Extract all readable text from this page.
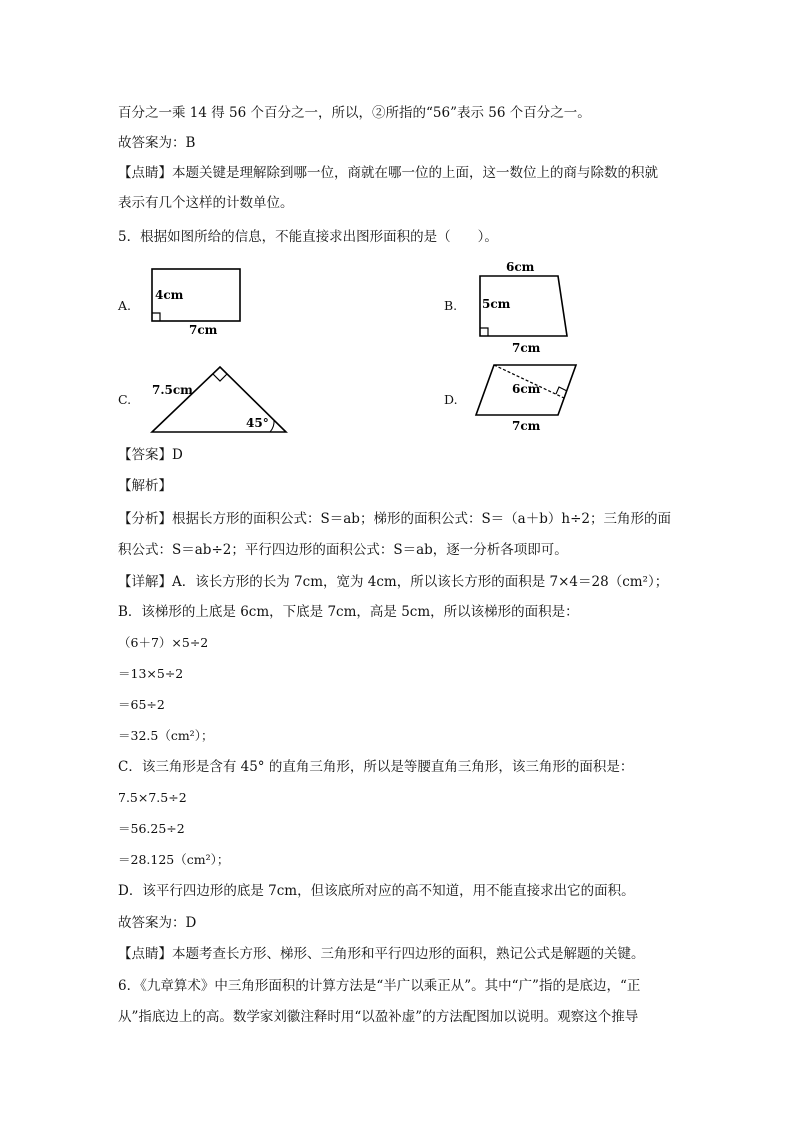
百分之一乘 14 得 56 个百分之一，所以，②所指的“56”表示 56 个百分之一。
故答案为：B
【点睛】本题关键是理解除到哪一位，商就在哪一位的上面，这一数位上的商与除数的积就
表示有几个这样的计数单位。
5．根据如图所给的信息，不能直接求出图形面积的是（　　）。
A.	B.
C.	D.
4cm
7cm
6cm
5cm
7cm
7.5cm
45°
6cm
7cm
【答案】D
【解析】
【分析】根据长方形的面积公式：S＝ab；梯形的面积公式：S＝（a＋b）h÷2；三角形的面
积公式：S＝ab÷2；平行四边形的面积公式：S＝ab，逐一分析各项即可。
【详解】A．该长方形的长为 7cm，宽为 4cm，所以该长方形的面积是 7×4＝28（cm²）；
B．该梯形的上底是 6cm，下底是 7cm，高是 5cm，所以该梯形的面积是：
（6＋7）×5÷2
＝13×5÷2
＝65÷2
＝32.5（cm²）；
C．该三角形是含有 45° 的直角三角形，所以是等腰直角三角形，该三角形的面积是：
7.5×7.5÷2
＝56.25÷2
＝28.125（cm²）；
D．该平行四边形的底是 7cm，但该底所对应的高不知道，用不能直接求出它的面积。
故答案为：D
【点睛】本题考查长方形、梯形、三角形和平行四边形的面积，熟记公式是解题的关键。
6．《九章算术》中三角形面积的计算方法是“半广以乘正从”。其中“广”指的是底边，“正
从”指底边上的高。数学家刘徽注释时用“以盈补虚”的方法配图加以说明。观察这个推导
